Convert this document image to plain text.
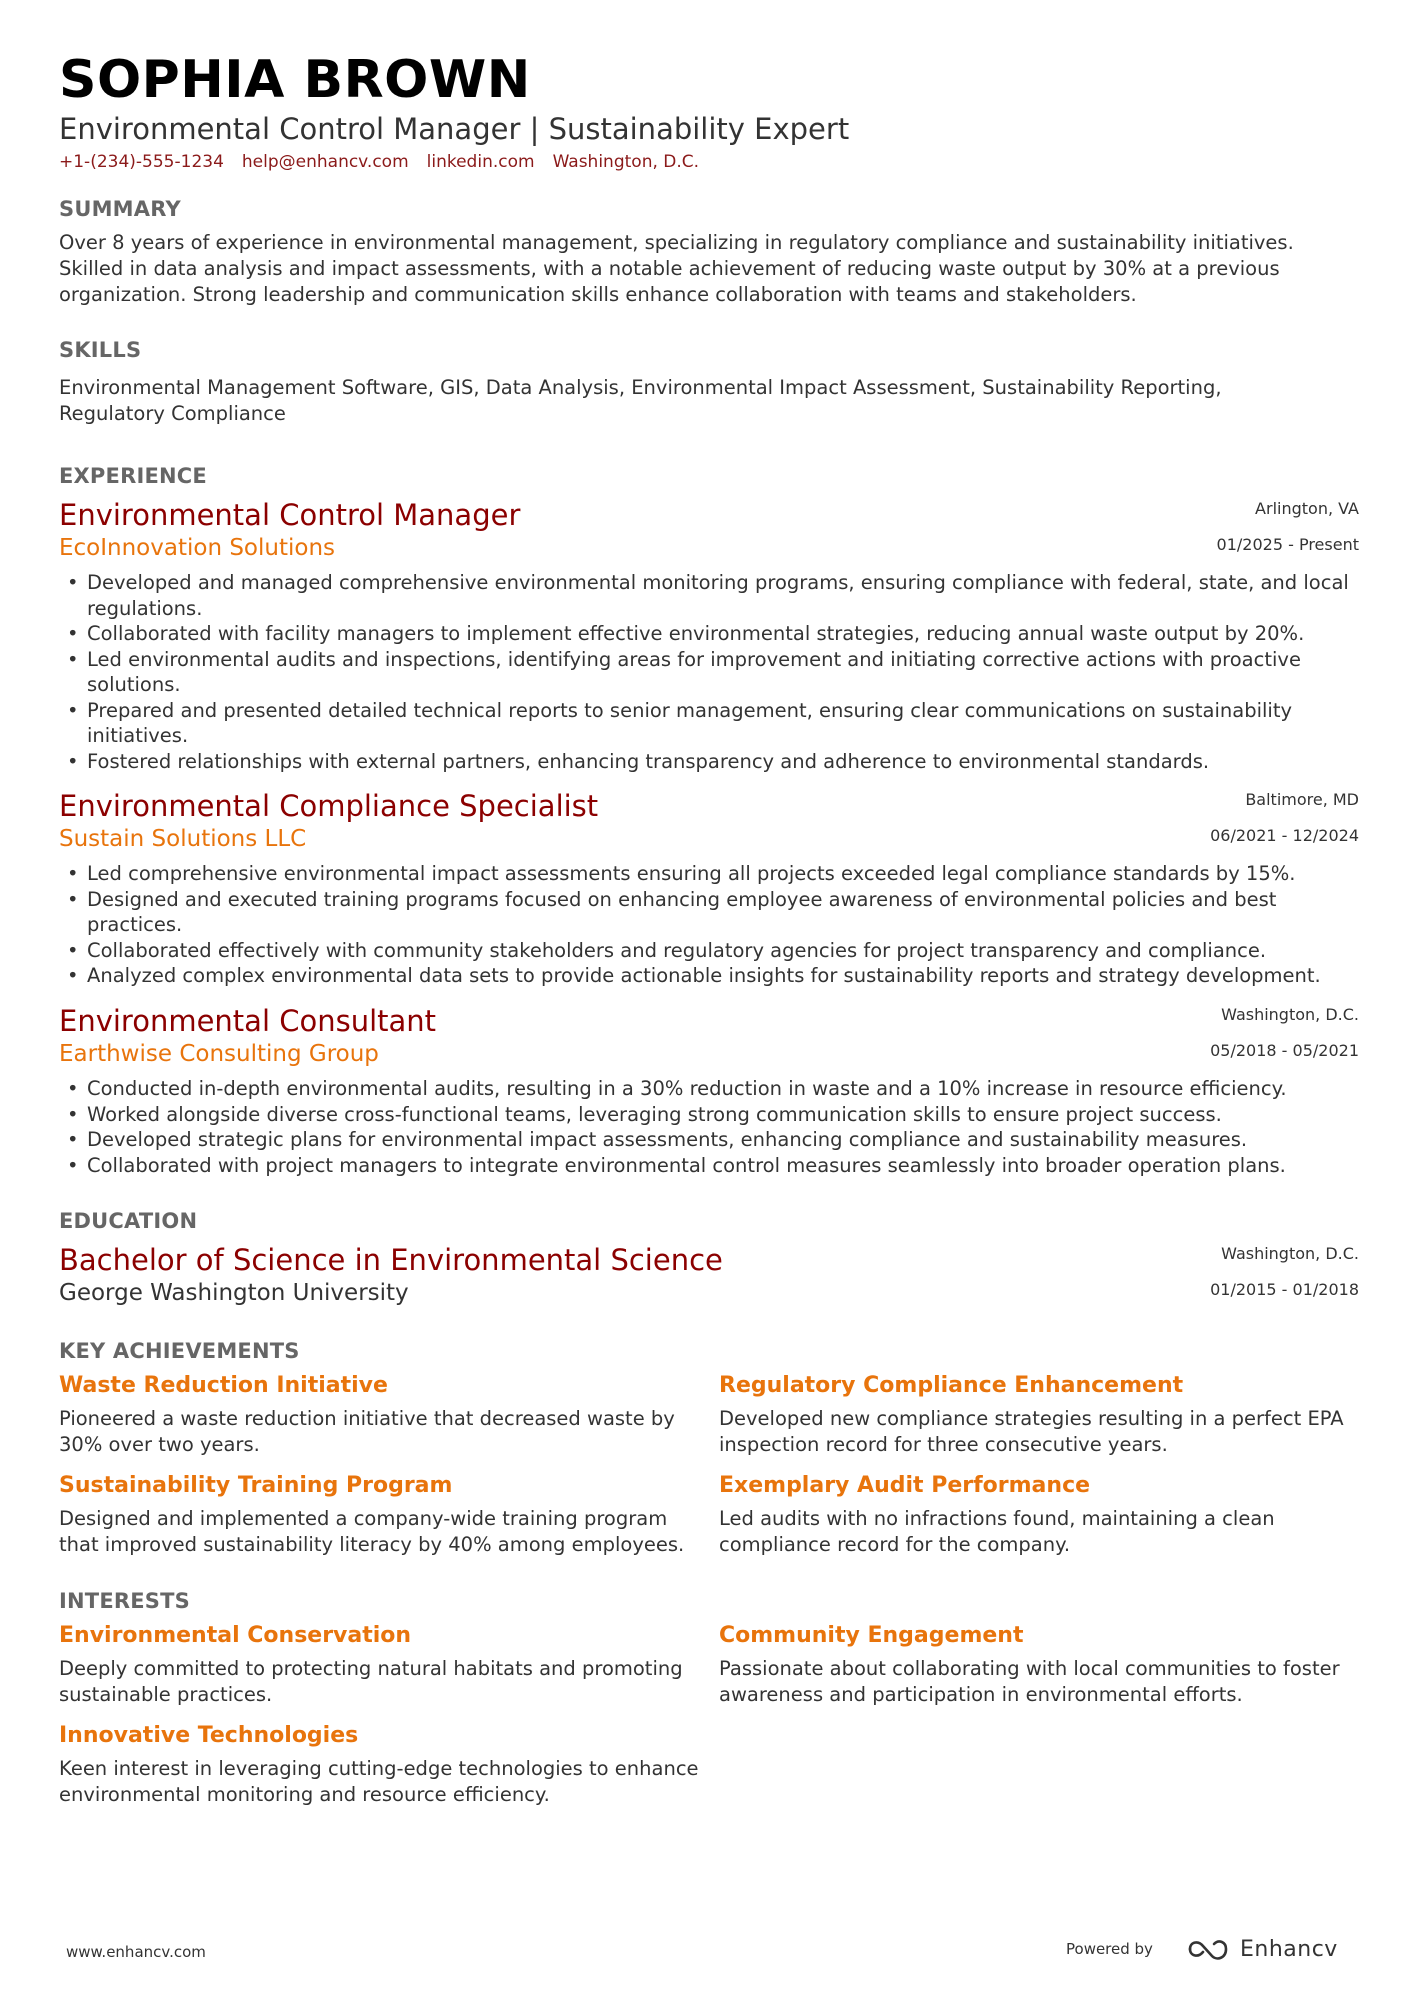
SOPHIA BROWN
Environmental Control Manager | Sustainability Expert
+1-(234)-555-1234 help@enhancv.com linkedin.com Washington, D.C.
SUMMARY
Over 8 years of experience in environmental management, specializing in regulatory compliance and sustainability initiatives. Skilled in data analysis and impact assessments, with a notable achievement of reducing waste output by 30% at a previous organization. Strong leadership and communication skills enhance collaboration with teams and stakeholders.
SKILLS
Environmental Management Software, GIS, Data Analysis, Environmental Impact Assessment, Sustainability Reporting, Regulatory Compliance
EXPERIENCE
Environmental Control Manager	Arlington, VA
EcoInnovation Solutions	01/2025 - Present
• Developed and managed comprehensive environmental monitoring programs, ensuring compliance with federal, state, and local regulations.
• Collaborated with facility managers to implement effective environmental strategies, reducing annual waste output by 20%.
• Led environmental audits and inspections, identifying areas for improvement and initiating corrective actions with proactive solutions.
• Prepared and presented detailed technical reports to senior management, ensuring clear communications on sustainability initiatives.
• Fostered relationships with external partners, enhancing transparency and adherence to environmental standards.
Environmental Compliance Specialist	Baltimore, MD
Sustain Solutions LLC	06/2021 - 12/2024
• Led comprehensive environmental impact assessments ensuring all projects exceeded legal compliance standards by 15%.
• Designed and executed training programs focused on enhancing employee awareness of environmental policies and best practices.
• Collaborated effectively with community stakeholders and regulatory agencies for project transparency and compliance.
• Analyzed complex environmental data sets to provide actionable insights for sustainability reports and strategy development.
Environmental Consultant	Washington, D.C.
Earthwise Consulting Group	05/2018 - 05/2021
• Conducted in-depth environmental audits, resulting in a 30% reduction in waste and a 10% increase in resource efficiency.
• Worked alongside diverse cross-functional teams, leveraging strong communication skills to ensure project success.
• Developed strategic plans for environmental impact assessments, enhancing compliance and sustainability measures.
• Collaborated with project managers to integrate environmental control measures seamlessly into broader operation plans.
EDUCATION
Bachelor of Science in Environmental Science	Washington, D.C.
George Washington University	01/2015 - 01/2018
KEY ACHIEVEMENTS
Waste Reduction Initiative
Pioneered a waste reduction initiative that decreased waste by 30% over two years.
Regulatory Compliance Enhancement
Developed new compliance strategies resulting in a perfect EPA inspection record for three consecutive years.
Sustainability Training Program
Designed and implemented a company-wide training program that improved sustainability literacy by 40% among employees.
Exemplary Audit Performance
Led audits with no infractions found, maintaining a clean compliance record for the company.
INTERESTS
Environmental Conservation
Deeply committed to protecting natural habitats and promoting sustainable practices.
Community Engagement
Passionate about collaborating with local communities to foster awareness and participation in environmental efforts.
Innovative Technologies
Keen interest in leveraging cutting-edge technologies to enhance environmental monitoring and resource efficiency.
www.enhancv.com	Powered by	Enhancv
